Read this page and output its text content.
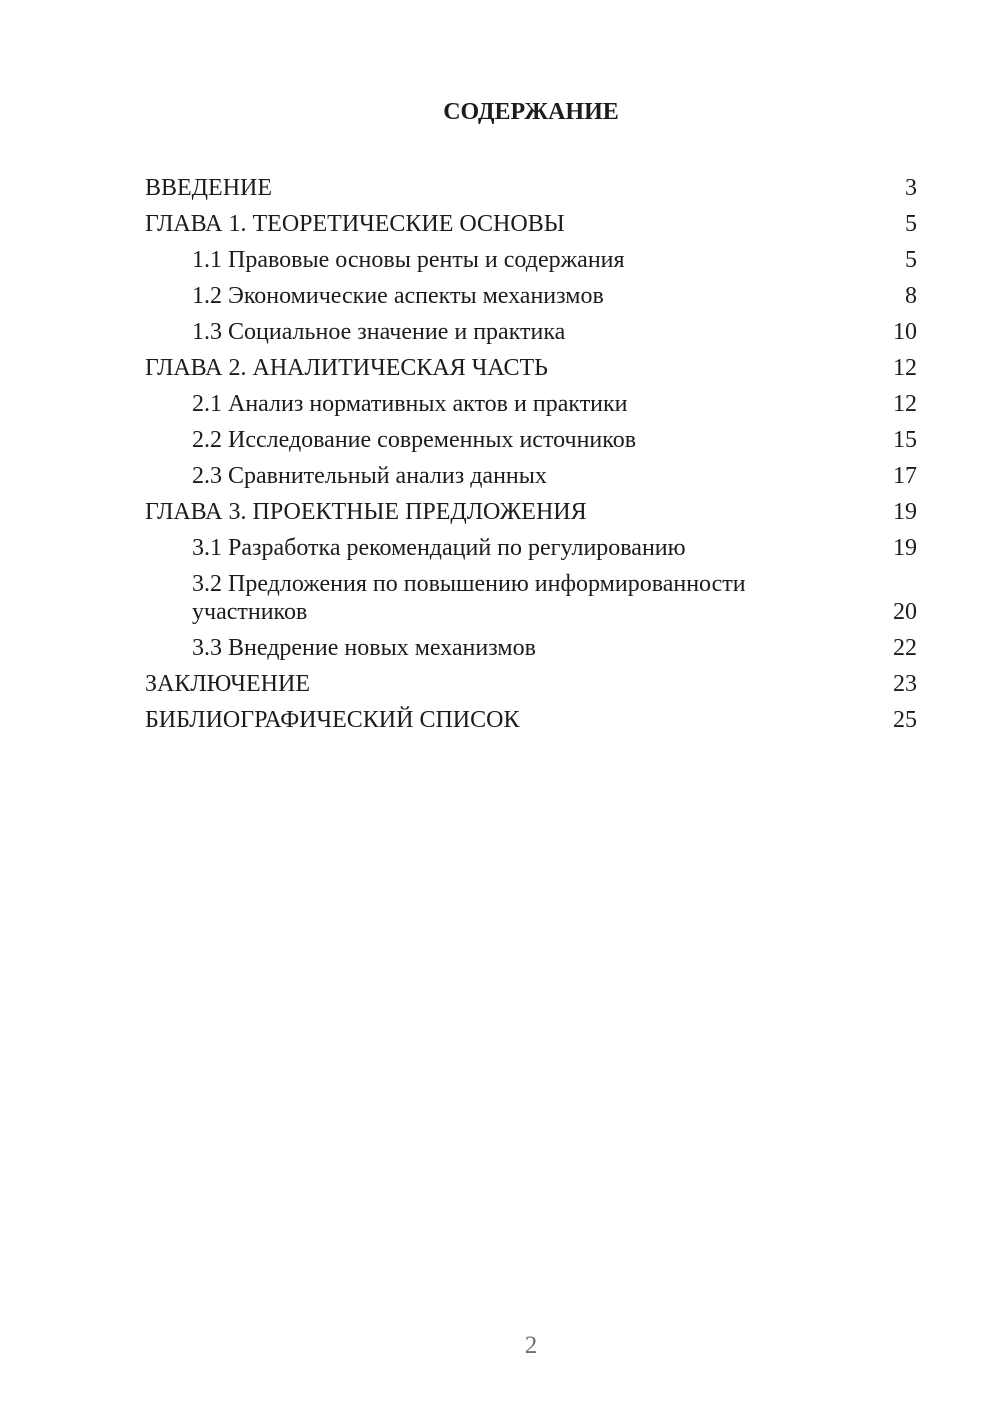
СОДЕРЖАНИЕ
ВВЕДЕНИЕ	3
ГЛАВА 1. ТЕОРЕТИЧЕСКИЕ ОСНОВЫ	5
1.1 Правовые основы ренты и содержания	5
1.2 Экономические аспекты механизмов	8
1.3 Социальное значение и практика	10
ГЛАВА 2. АНАЛИТИЧЕСКАЯ ЧАСТЬ	12
2.1 Анализ нормативных актов и практики	12
2.2 Исследование современных источников	15
2.3 Сравнительный анализ данных	17
ГЛАВА 3. ПРОЕКТНЫЕ ПРЕДЛОЖЕНИЯ	19
3.1 Разработка рекомендаций по регулированию	19
3.2 Предложения по повышению информированности
участников	20
3.3 Внедрение новых механизмов	22
ЗАКЛЮЧЕНИЕ	23
БИБЛИОГРАФИЧЕСКИЙ СПИСОК	25
2
